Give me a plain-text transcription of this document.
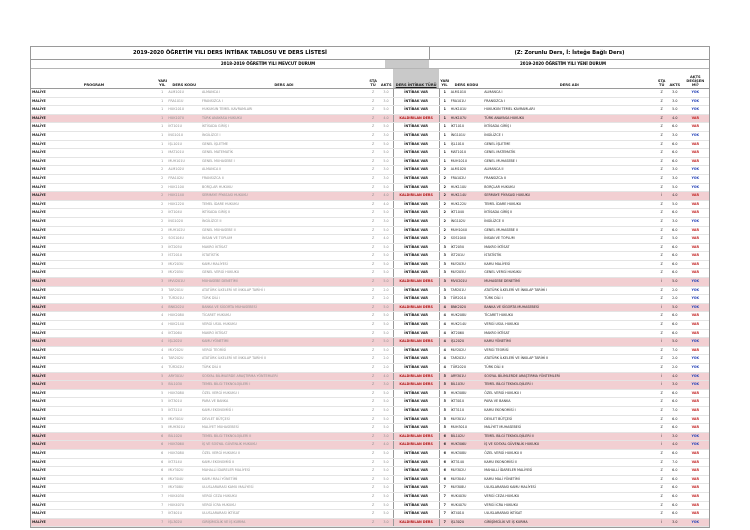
2019-2020 ÖĞRETİM YILI DERS İNTİBAK TABLOSU VE DERS LİSTESİ	(Z: Zorunlu Ders, İ: İsteğe Bağlı Ders)
2018-2019 ÖĞRETİM YILI MEVCUT DURUM	2019-2020 ÖĞRETİM YILI YENİ DURUM
PROGRAM	YARI YIL	DERS KODU	DERS ADI	STA TÜ	AKTS	DERS İNTİBAK TÜRÜ	YARI YIL	DERS KODU	DERS ADI	STA TÜ	AKTS	AKTS DEĞİŞEN Mİ?
MALİYE	1	ALM101U	ALMANCA I	Z	3.0	İNTİBAK VAR	1	ALM101U	ALMANCA I	Z	3.0	YOK
MALİYE	1	FRA101U	FRANSIZCA I	Z	3.0	İNTİBAK VAR	1	FRA101U	FRANSIZCA I	Z	3.0	YOK
MALİYE	1	HUK101U	HUKUKUN TEMEL KAVRAMLARI	Z	5.0	İNTİBAK VAR	1	HUK101U	HUKUKUN TEMEL KAVRAMLARI	Z	5.0	YOK
MALİYE	1	HUK107U	TÜRK ANAYASA HUKUKU	Z	4.0	KALDIRILAN DERS	1	HUK107U	TÜRK ANAYASA HUKUKU	Z	4.0	VAR
MALİYE	1	İKT101U	İKTİSADA GİRİŞ I	Z	5.0	İNTİBAK VAR	1	İKT101U	İKTİSADA GİRİŞ I	Z	6.0	VAR
MALİYE	1	İNG101U	İNGİLİZCE I	Z	3.0	İNTİBAK VAR	1	İNG101U	İNGİLİZCE I	Z	3.0	YOK
MALİYE	1	İŞL101U	GENEL İŞLETME	Z	5.0	İNTİBAK VAR	1	İŞL101U	GENEL İŞLETME	Z	6.0	VAR
MALİYE	1	MAT101U	GENEL MATEMATİK	Z	5.0	İNTİBAK VAR	1	MAT101U	GENEL MATEMATİK	Z	6.0	VAR
MALİYE	1	MUH101U	GENEL MUHASEBE I	Z	5.0	İNTİBAK VAR	1	MUH101U	GENEL MUHASEBE I	Z	6.0	VAR
MALİYE	2	ALM102U	ALMANCA II	Z	3.0	İNTİBAK VAR	2	ALM102U	ALMANCA II	Z	3.0	YOK
MALİYE	2	FRA102U	FRANSIZCA II	Z	3.0	İNTİBAK VAR	2	FRA102U	FRANSIZCA II	Z	3.0	YOK
MALİYE	2	HUK110U	BORÇLAR HUKUKU	Z	5.0	İNTİBAK VAR	2	HUK110U	BORÇLAR HUKUKU	Z	5.0	YOK
MALİYE	2	HUK114U	SERMAYE PİYASASI HUKUKU	Z	4.0	KALDIRILAN DERS	2	HUK114U	SERMAYE PİYASASI HUKUKU	İ	4.0	VAR
MALİYE	2	HUK122U	TEMEL İDARE HUKUKU	Z	4.0	İNTİBAK VAR	2	HUK122U	TEMEL İDARE HUKUKU	Z	5.0	VAR
MALİYE	2	İKT104U	İKTİSADA GİRİŞ II	Z	5.0	İNTİBAK VAR	2	İKT104U	İKTİSADA GİRİŞ II	Z	6.0	VAR
MALİYE	2	İNG102U	İNGİLİZCE II	Z	3.0	İNTİBAK VAR	2	İNG102U	İNGİLİZCE II	Z	3.0	YOK
MALİYE	2	MUH102U	GENEL MUHASEBE II	Z	5.0	İNTİBAK VAR	2	MUH104U	GENEL MUHASEBE II	Z	6.0	VAR
MALİYE	2	SOS104U	İNSAN VE TOPLUM	Z	4.0	İNTİBAK VAR	2	SOS104U	İNSAN VE TOPLUM	Z	5.0	VAR
MALİYE	3	İKT205U	MAKRO İKTİSAT	Z	5.0	İNTİBAK VAR	3	İKT205U	MAKRO İKTİSAT	Z	6.0	VAR
MALİYE	3	İST201U	İSTATİSTİK	Z	5.0	İNTİBAK VAR	3	İST201U	İSTATİSTİK	Z	6.0	VAR
MALİYE	3	MLY203U	KAMU MALİYESİ	Z	5.0	İNTİBAK VAR	3	MLY203U	KAMU MALİYESİ	Z	6.0	VAR
MALİYE	3	MLY205U	GENEL VERGİ HUKUKU	Z	5.0	İNTİBAK VAR	3	MLY205U	GENEL VERGİ HUKUKU	Z	6.0	VAR
MALİYE	3	MVU201U	MUHASEBE DENETİMİ	Z	5.0	KALDIRILAN DERS	3	MVU201U	MUHASEBE DENETİMİ	İ	5.0	YOK
MALİYE	3	TAR201U	ATATÜRK İLKELERİ VE İNKILAP TARİHİ I	Z	2.0	İNTİBAK VAR	3	TAR201U	ATATÜRK İLKELERİ VE İNKILAP TARİHİ I	Z	2.0	YOK
MALİYE	3	TÜR201U	TÜRK DİLİ I	Z	2.0	İNTİBAK VAR	3	TÜR201U	TÜRK DİLİ I	Z	2.0	YOK
MALİYE	4	BNK202U	BANKA VE SİGORTA MUHASEBESİ	Z	5.0	KALDIRILAN DERS	4	BNK202U	BANKA VE SİGORTA MUHASEBESİ	İ	5.0	YOK
MALİYE	4	HUK208U	TİCARET HUKUKU	Z	5.0	İNTİBAK VAR	4	HUK208U	TİCARET HUKUKU	Z	6.0	VAR
MALİYE	4	HUK214U	VERGİ USUL HUKUKU	Z	5.0	İNTİBAK VAR	4	HUK214U	VERGİ USUL HUKUKU	Z	6.0	VAR
MALİYE	4	İKT206U	MAKRO İKTİSAT	Z	5.0	İNTİBAK VAR	4	İKT206U	MAKRO İKTİSAT	Z	6.0	VAR
MALİYE	4	İŞL202U	KAMU YÖNETİMİ	Z	5.0	KALDIRILAN DERS	4	İŞL202U	KAMU YÖNETİMİ	İ	5.0	YOK
MALİYE	4	MLY202U	VERGİ TEORİSİ	Z	5.0	İNTİBAK VAR	4	MLY202U	VERGİ TEORİSİ	Z	7.0	VAR
MALİYE	4	TAR202U	ATATÜRK İLKELERİ VE İNKILAP TARİHİ II	Z	2.0	İNTİBAK VAR	4	TAR202U	ATATÜRK İLKELERİ VE İNKILAP TARİHİ II	Z	2.0	YOK
MALİYE	4	TÜR202U	TÜRK DİLİ II	Z	2.0	İNTİBAK VAR	4	TÜR202U	TÜRK DİLİ II	Z	2.0	YOK
MALİYE	5	ARY301U	SOSYAL BİLİMLERDE ARAŞTIRMA YÖNTEMLERİ	Z	4.0	KALDIRILAN DERS	5	ARY301U	SOSYAL BİLİMLERDE ARAŞTIRMA YÖNTEMLERİ	İ	4.0	YOK
MALİYE	5	BİL103U	TEMEL BİLGİ TEKNOLOJİLERİ I	Z	3.0	KALDIRILAN DERS	5	BİL103U	TEMEL BİLGİ TEKNOLOJİLERİ I	İ	3.0	YOK
MALİYE	5	HUK308U	ÖZEL VERGİ HUKUKU I	Z	5.0	İNTİBAK VAR	5	HUK308U	ÖZEL VERGİ HUKUKU I	Z	6.0	VAR
MALİYE	5	İKT301U	PARA VE BANKA	Z	5.0	İNTİBAK VAR	5	İKT301U	PARA VE BANKA	Z	6.0	VAR
MALİYE	5	İKT311U	KAMU EKONOMİSİ I	Z	5.0	İNTİBAK VAR	5	İKT311U	KAMU EKONOMİSİ I	Z	7.0	VAR
MALİYE	5	MLY301U	DEVLET BÜTÇESİ	Z	5.0	İNTİBAK VAR	5	MLY301U	DEVLET BÜTÇESİ	Z	6.0	VAR
MALİYE	5	MUH301U	MALİYET MUHASEBESİ	Z	5.0	İNTİBAK VAR	5	MUH301U	MALİYET MUHASEBESİ	Z	6.0	VAR
MALİYE	6	BİL102U	TEMEL BİLGİ TEKNOLOJİLERİ II	Z	3.0	KALDIRILAN DERS	6	BİL102U	TEMEL BİLGİ TEKNOLOJİLERİ II	İ	3.0	YOK
MALİYE	6	HUK306U	İŞ VE SOSYAL GÜVENLİK HUKUKU	Z	4.0	KALDIRILAN DERS	6	HUK306U	İŞ VE SOSYAL GÜVENLİK HUKUKU	İ	4.0	YOK
MALİYE	6	HUK308U	ÖZEL VERGİ HUKUKU II	Z	5.0	İNTİBAK VAR	6	HUK308U	ÖZEL VERGİ HUKUKU II	Z	6.0	VAR
MALİYE	6	İKT314U	KAMU EKONOMİSİ II	Z	5.0	İNTİBAK VAR	6	İKT314U	KAMU EKONOMİSİ II	Z	7.0	VAR
MALİYE	6	MLY302U	MAHALLİ İDARELER MALİYESİ	Z	5.0	İNTİBAK VAR	6	MLY302U	MAHALLİ İDARELER MALİYESİ	Z	6.0	VAR
MALİYE	6	MLY304U	KAMU MALİ YÖNETİMİ	Z	5.0	İNTİBAK VAR	6	MLY304U	KAMU MALİ YÖNETİMİ	Z	6.0	VAR
MALİYE	7	MLY308U	ULUSLARARASI KAMU MALİYESİ	Z	5.0	İNTİBAK VAR	7	MLY308U	ULUSLARARASI KAMU MALİYESİ	Z	6.0	VAR
MALİYE	7	HUK403U	VERGİ CEZA HUKUKU	Z	5.0	İNTİBAK VAR	7	HUK403U	VERGİ CEZA HUKUKU	Z	6.0	VAR
MALİYE	7	HUK407U	VERGİ İCRA HUKUKU	Z	5.0	İNTİBAK VAR	7	HUK407U	VERGİ İCRA HUKUKU	Z	6.0	VAR
MALİYE	7	İKT401U	ULUSLARARASI İKTİSAT	Z	5.0	İNTİBAK VAR	7	İKT401U	ULUSLARARASI İKTİSAT	Z	6.0	VAR
MALİYE	7	İŞL302U	GİRİŞİMCİLİK VE İŞ KURMA	Z	3.0	KALDIRILAN DERS	7	İŞL302U	GİRİŞİMCİLİK VE İŞ KURMA	İ	3.0	YOK
